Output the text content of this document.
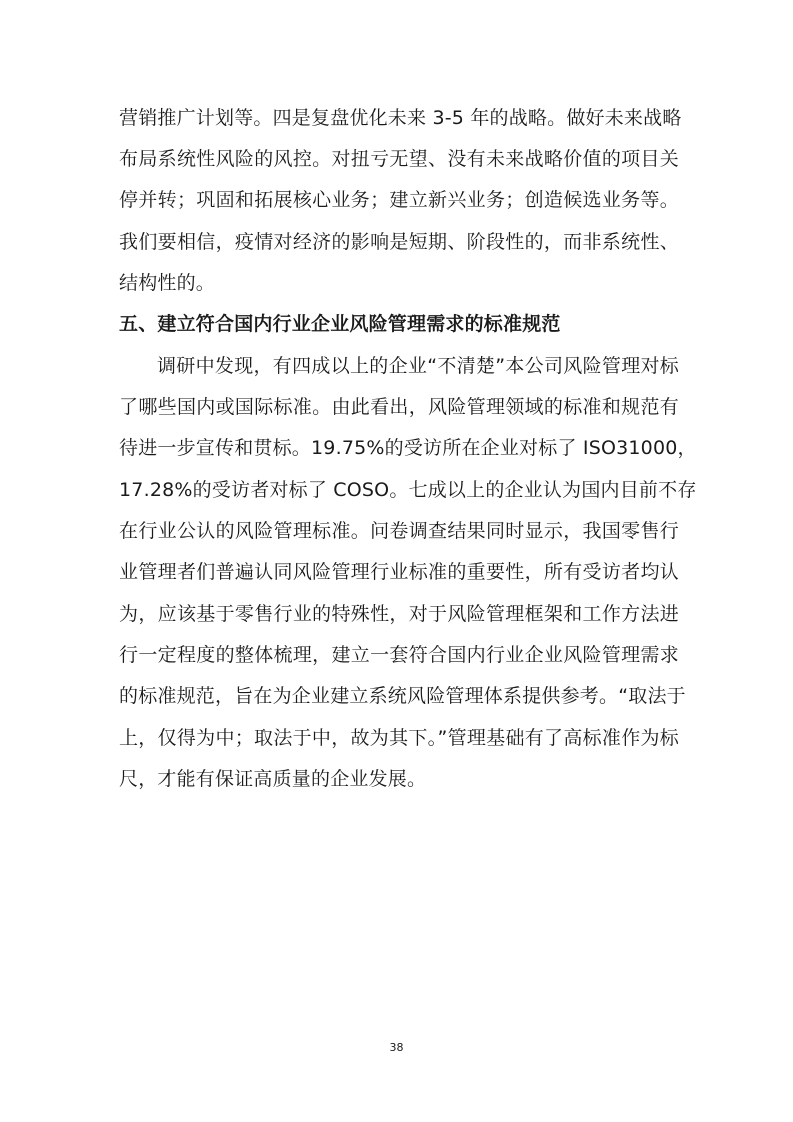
营销推广计划等。四是复盘优化未来 3-5 年的战略。做好未来战略
布局系统性风险的风控。对扭亏无望、没有未来战略价值的项目关
停并转；巩固和拓展核心业务；建立新兴业务；创造候选业务等。
我们要相信，疫情对经济的影响是短期、阶段性的，而非系统性、
结构性的。
五、建立符合国内行业企业风险管理需求的标准规范
调研中发现，有四成以上的企业“不清楚”本公司风险管理对标
了哪些国内或国际标准。由此看出，风险管理领域的标准和规范有
待进一步宣传和贯标。19.75%的受访所在企业对标了 ISO31000，
17.28%的受访者对标了 COSO。七成以上的企业认为国内目前不存
在行业公认的风险管理标准。问卷调查结果同时显示，我国零售行
业管理者们普遍认同风险管理行业标准的重要性，所有受访者均认
为，应该基于零售行业的特殊性，对于风险管理框架和工作方法进
行一定程度的整体梳理，建立一套符合国内行业企业风险管理需求
的标准规范，旨在为企业建立系统风险管理体系提供参考。“取法于
上，仅得为中；取法于中，故为其下。”管理基础有了高标准作为标
尺，才能有保证高质量的企业发展。
38
